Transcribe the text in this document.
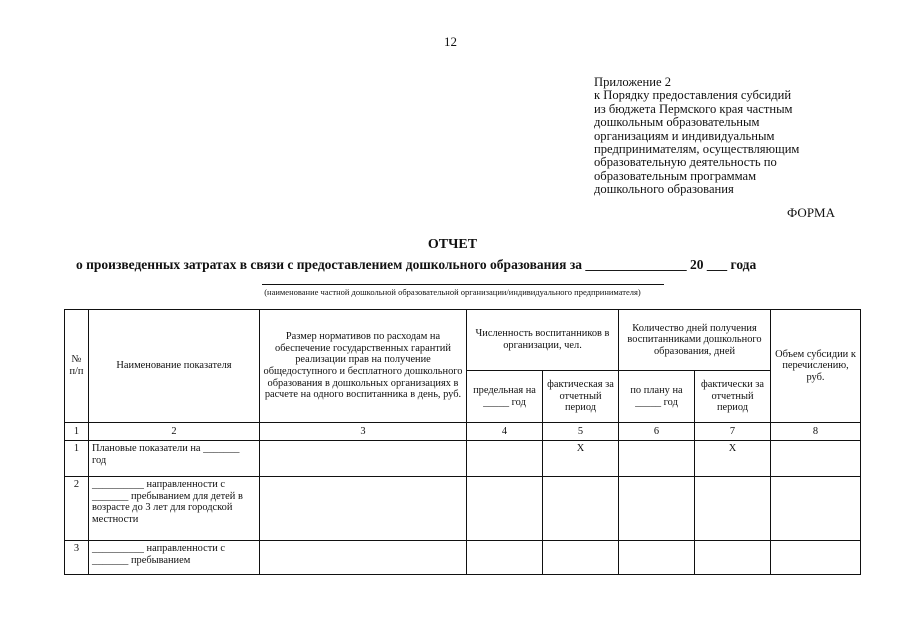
12
Приложение 2
к Порядку предоставления субсидий
из бюджета Пермского края частным
дошкольным образовательным
организациям и индивидуальным
предпринимателям, осуществляющим
образовательную деятельность по
образовательным программам
дошкольного образования
ФОРМА
ОТЧЕТ
о произведенных затратах в связи с предоставлением дошкольного образования за _______________ 20 ___ года
(наименование частной дошкольной образовательной организации/индивидуального предпринимателя)
№ п/п	Наименование показателя	Размер нормативов по расходам на обеспечение государственных гарантий реализации прав на получение общедоступного и бесплатного дошкольного образования в дошкольных организациях в расчете на одного воспитанника в день, руб.	Численность воспитанников в организации, чел.		Количество дней получения воспитанниками дошкольного образования, дней		Объем субсидии к перечислению, руб.
			предельная на _____ год	фактическая за отчетный период	по плану на _____ год	фактически за отчетный период	
1	2	3	4	5	6	7	8
1	Плановые показатели на _______ год			Х		Х	
2	__________ направленности с _______ пребыванием для детей в возрасте до 3 лет для городской местности						
3	__________ направленности с _______ пребыванием						
